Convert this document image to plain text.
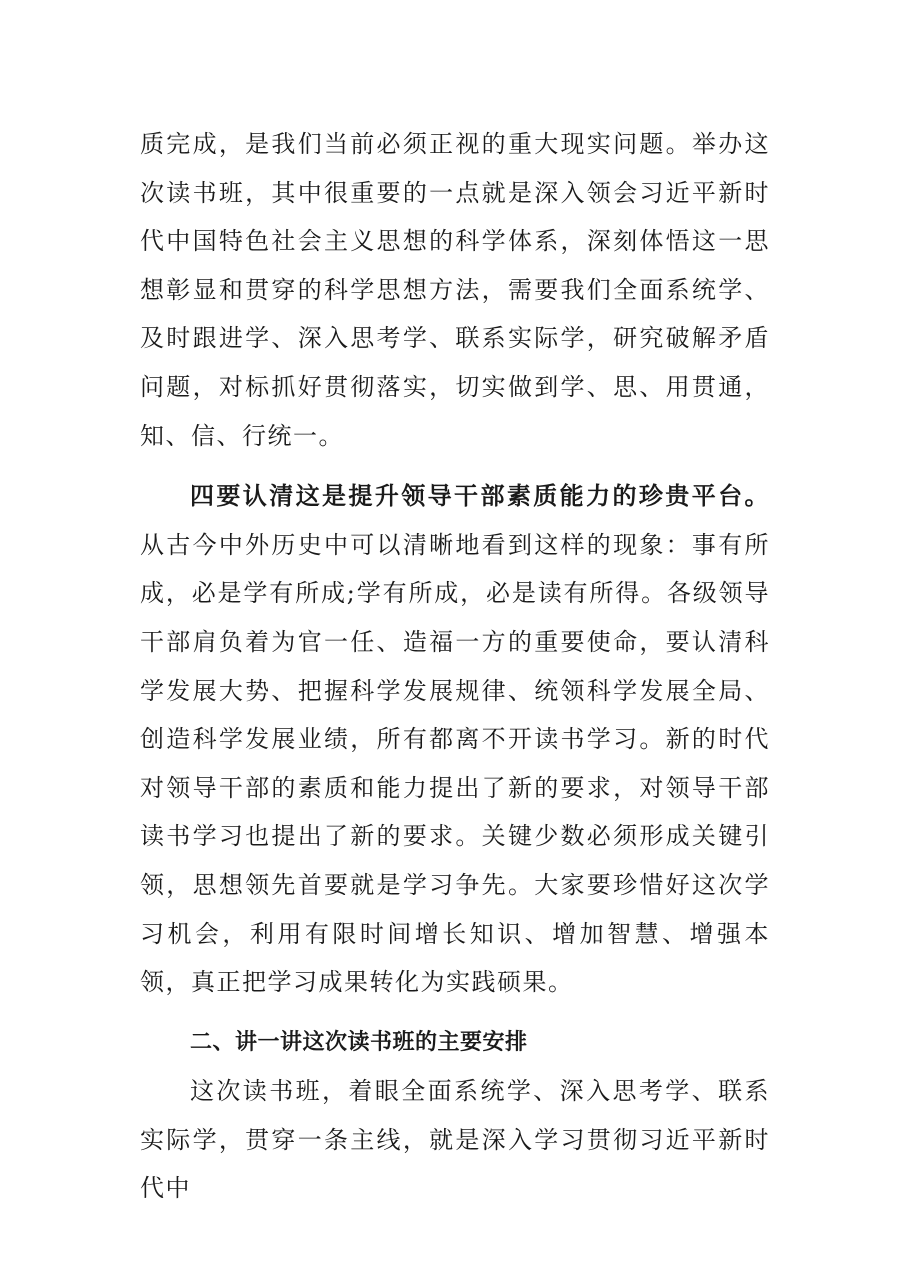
质完成，是我们当前必须正视的重大现实问题。举办这次读书班，其中很重要的一点就是深入领会习近平新时代中国特色社会主义思想的科学体系，深刻体悟这一思想彰显和贯穿的科学思想方法，需要我们全面系统学、及时跟进学、深入思考学、联系实际学，研究破解矛盾问题，对标抓好贯彻落实，切实做到学、思、用贯通，知、信、行统一。

四要认清这是提升领导干部素质能力的珍贵平台。从古今中外历史中可以清晰地看到这样的现象：事有所成，必是学有所成;学有所成，必是读有所得。各级领导干部肩负着为官一任、造福一方的重要使命，要认清科学发展大势、把握科学发展规律、统领科学发展全局、创造科学发展业绩，所有都离不开读书学习。新的时代对领导干部的素质和能力提出了新的要求，对领导干部读书学习也提出了新的要求。关键少数必须形成关键引领，思想领先首要就是学习争先。大家要珍惜好这次学习机会，利用有限时间增长知识、增加智慧、增强本领，真正把学习成果转化为实践硕果。

二、讲一讲这次读书班的主要安排

这次读书班，着眼全面系统学、深入思考学、联系实际学，贯穿一条主线，就是深入学习贯彻习近平新时代中
